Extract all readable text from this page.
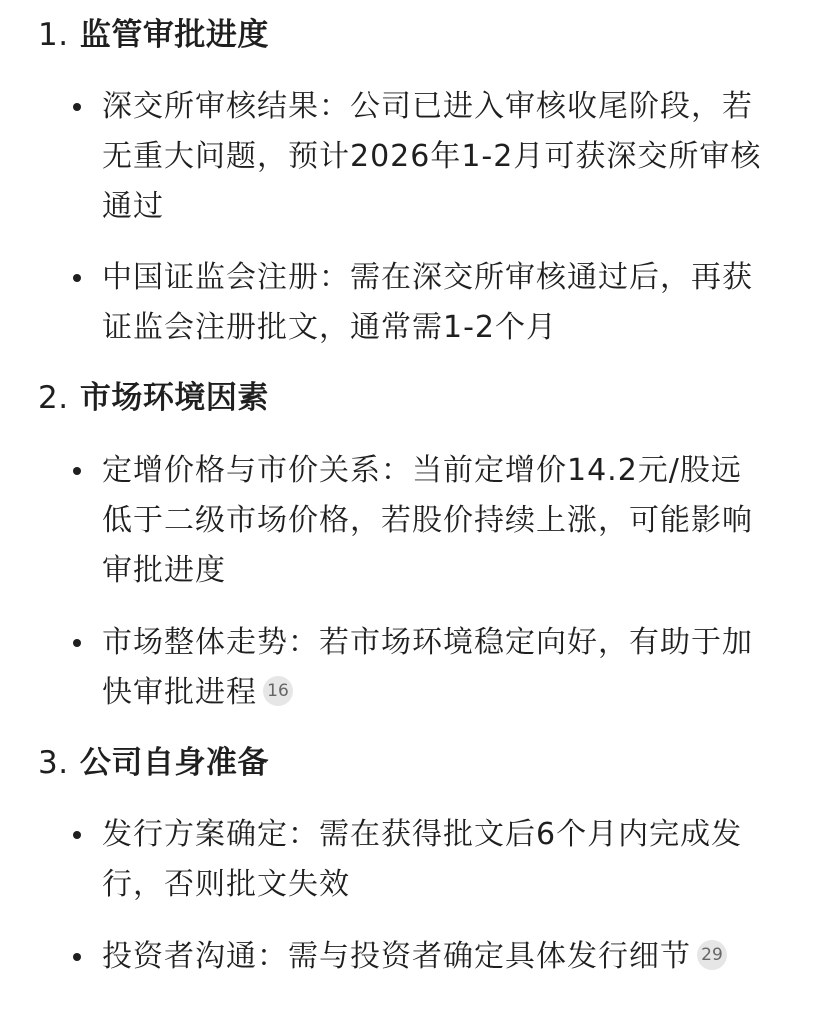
1. 监管审批进度
深交所审核结果：公司已进入审核收尾阶段，若
无重大问题，预计2026年1-2月可获深交所审核
通过
中国证监会注册：需在深交所审核通过后，再获
证监会注册批文，通常需1-2个月
2. 市场环境因素
定增价格与市价关系：当前定增价14.2元/股远
低于二级市场价格，若股价持续上涨，可能影响
审批进度
市场整体走势：若市场环境稳定向好，有助于加
快审批进程 16
3. 公司自身准备
发行方案确定：需在获得批文后6个月内完成发
行，否则批文失效
投资者沟通：需与投资者确定具体发行细节 29
